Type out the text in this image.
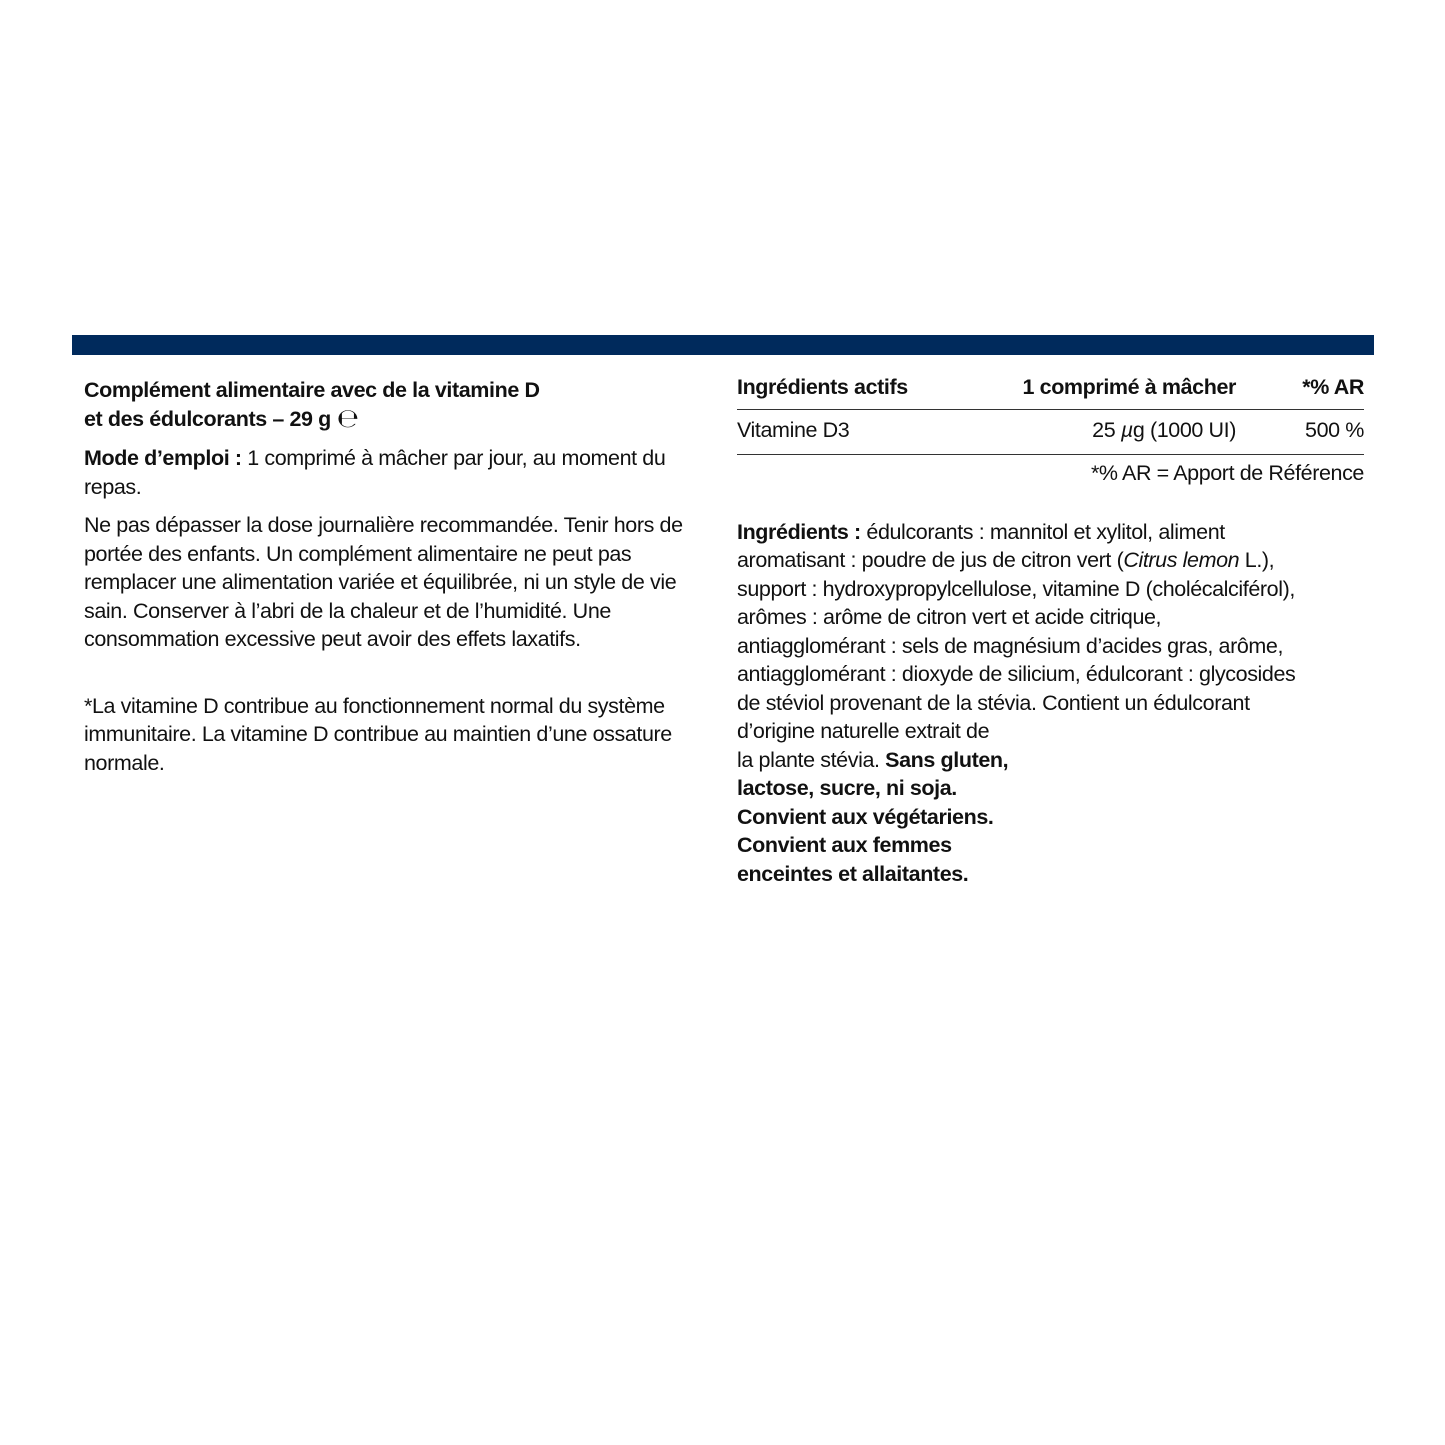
Complément alimentaire avec de la vitamine D
et des édulcorants – 29 g ℮

Mode d’emploi : 1 comprimé à mâcher par jour, au moment du repas.

Ne pas dépasser la dose journalière recommandée. Tenir hors de portée des enfants. Un complément alimentaire ne peut pas remplacer une alimentation variée et équilibrée, ni un style de vie sain. Conserver à l’abri de la chaleur et de l’humidité. Une consommation excessive peut avoir des effets laxatifs.

*La vitamine D contribue au fonctionnement normal du système immunitaire. La vitamine D contribue au maintien d’une ossature normale.

Ingrédients actifs	1 comprimé à mâcher	*% AR
Vitamine D3	25 µg (1000 UI)	500 %
*% AR = Apport de Référence

Ingrédients : édulcorants : mannitol et xylitol, aliment
aromatisant : poudre de jus de citron vert (Citrus lemon L.),
support : hydroxypropylcellulose, vitamine D (cholécalciférol),
arômes : arôme de citron vert et acide citrique,
antiagglomérant : sels de magnésium d’acides gras, arôme,
antiagglomérant : dioxyde de silicium, édulcorant : glycosides
de stéviol provenant de la stévia. Contient un édulcorant
d’origine naturelle extrait de
la plante stévia. Sans gluten,
lactose, sucre, ni soja.
Convient aux végétariens.
Convient aux femmes
enceintes et allaitantes.
